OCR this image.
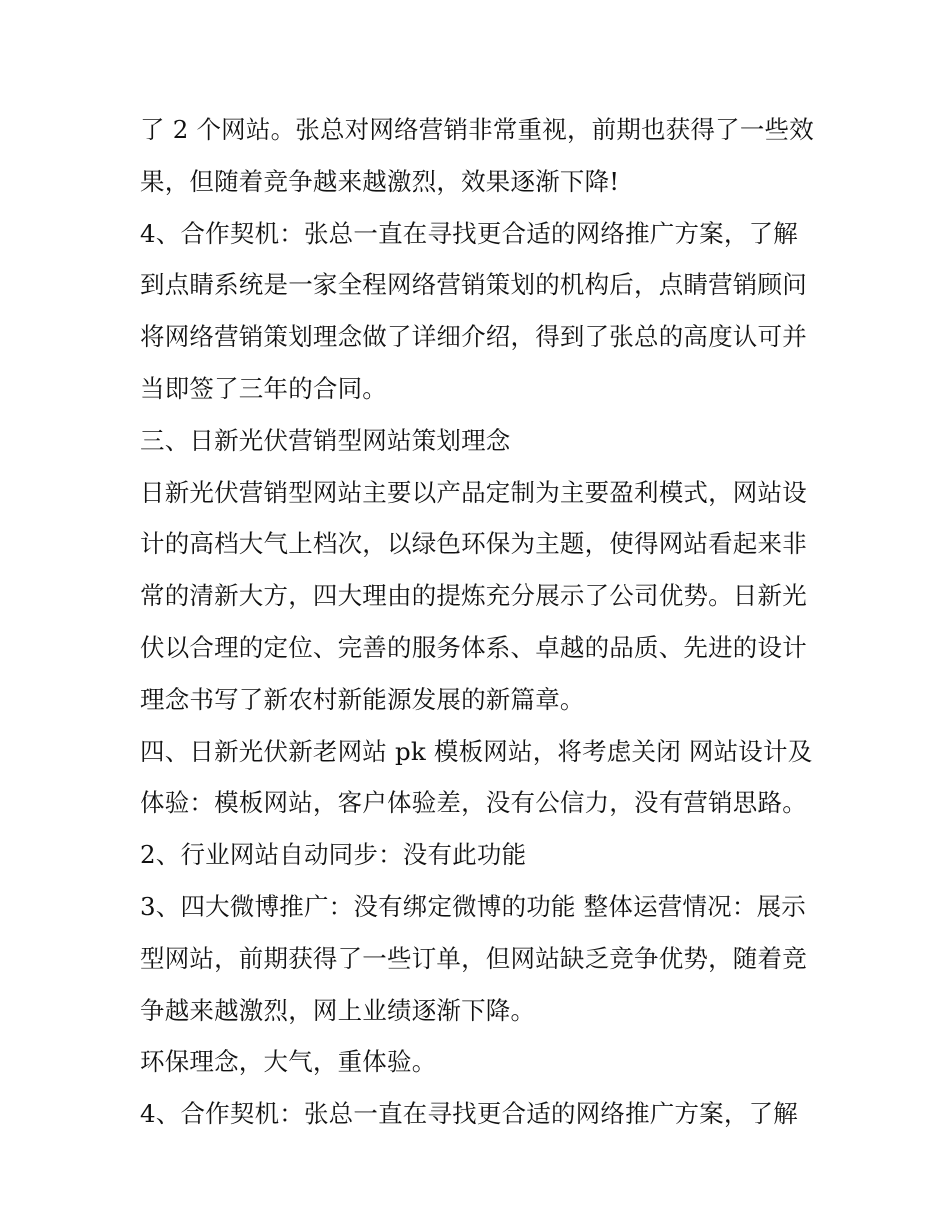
了 2 个网站。张总对网络营销非常重视，前期也获得了一些效
果，但随着竞争越来越激烈，效果逐渐下降!
4、合作契机：张总一直在寻找更合适的网络推广方案，了解
到点睛系统是一家全程网络营销策划的机构后，点睛营销顾问
将网络营销策划理念做了详细介绍，得到了张总的高度认可并
当即签了三年的合同。
三、日新光伏营销型网站策划理念
日新光伏营销型网站主要以产品定制为主要盈利模式，网站设
计的高档大气上档次，以绿色环保为主题，使得网站看起来非
常的清新大方，四大理由的提炼充分展示了公司优势。日新光
伏以合理的定位、完善的服务体系、卓越的品质、先进的设计
理念书写了新农村新能源发展的新篇章。
四、日新光伏新老网站 pk 模板网站，将考虑关闭 网站设计及
体验：模板网站，客户体验差，没有公信力，没有营销思路。
2、行业网站自动同步：没有此功能
3、四大微博推广：没有绑定微博的功能 整体运营情况：展示
型网站，前期获得了一些订单，但网站缺乏竞争优势，随着竞
争越来越激烈，网上业绩逐渐下降。
环保理念，大气，重体验。
4、合作契机：张总一直在寻找更合适的网络推广方案，了解
